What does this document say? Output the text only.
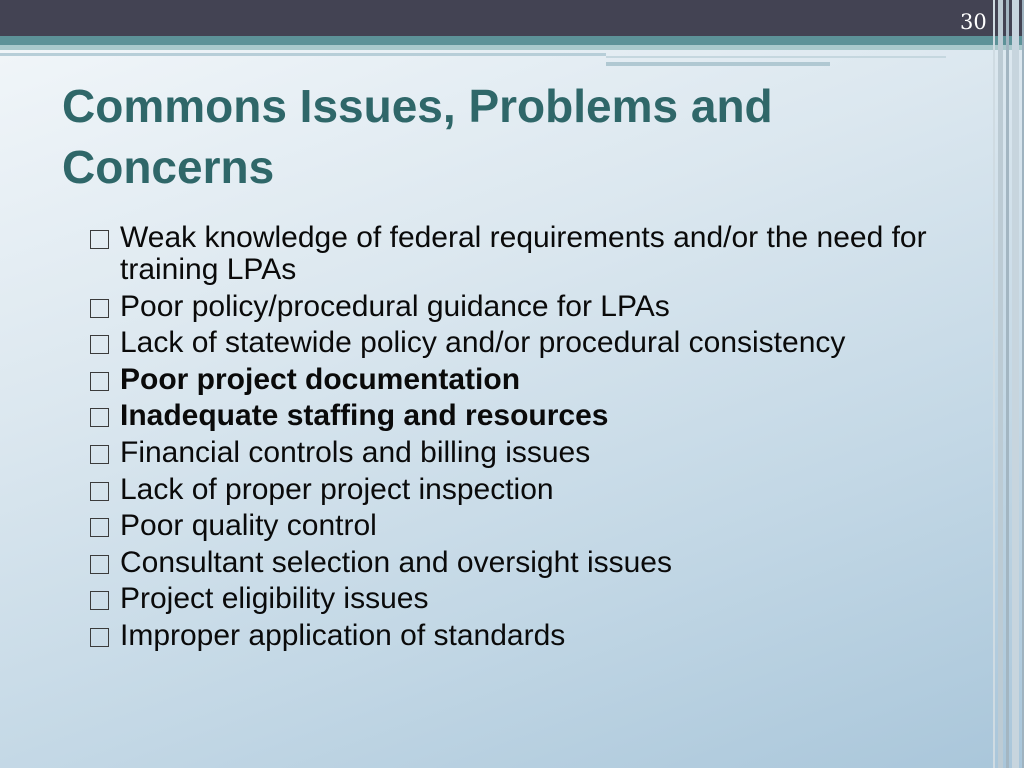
30
Commons Issues, Problems and Concerns
Weak knowledge of federal requirements and/or the need for training LPAs
Poor policy/procedural guidance for LPAs
Lack of statewide policy and/or procedural consistency
Poor project documentation
Inadequate staffing and resources
Financial controls and billing issues
Lack of proper project inspection
Poor quality control
Consultant selection and oversight issues
Project eligibility issues
Improper application of standards
